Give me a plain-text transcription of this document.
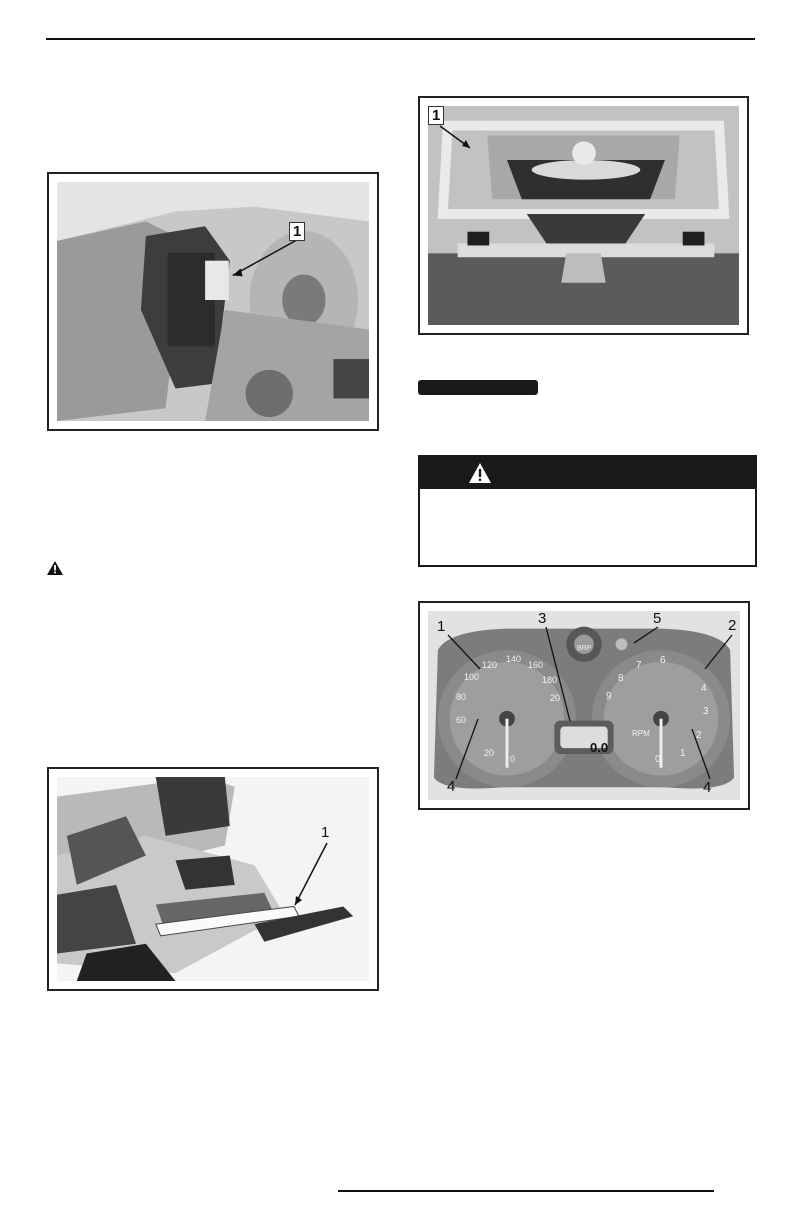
1
1
1	2
3
4	4
5
0
20
60
80
100
120
140
160
180
20
0
1
2
3
4
6
7
8
9
RPM
0.0
BRP
1
